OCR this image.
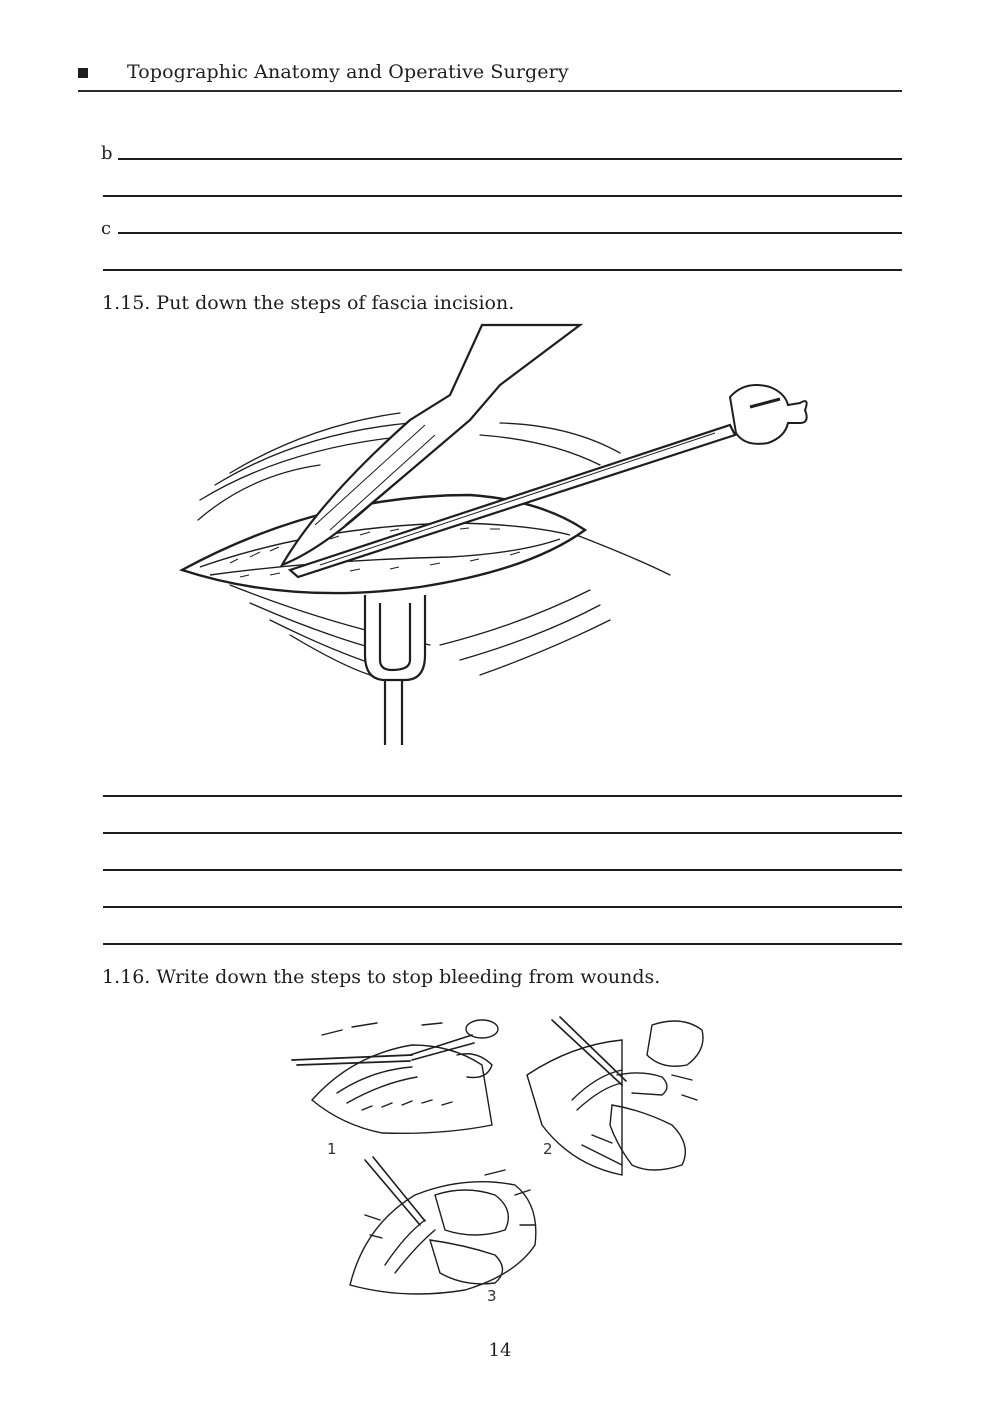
Topographic Anatomy and Operative Surgery
b
c
1.15. Put down the steps of fascia incision.
1.16. Write down the steps to stop bleeding from wounds.
1	2
3
14
